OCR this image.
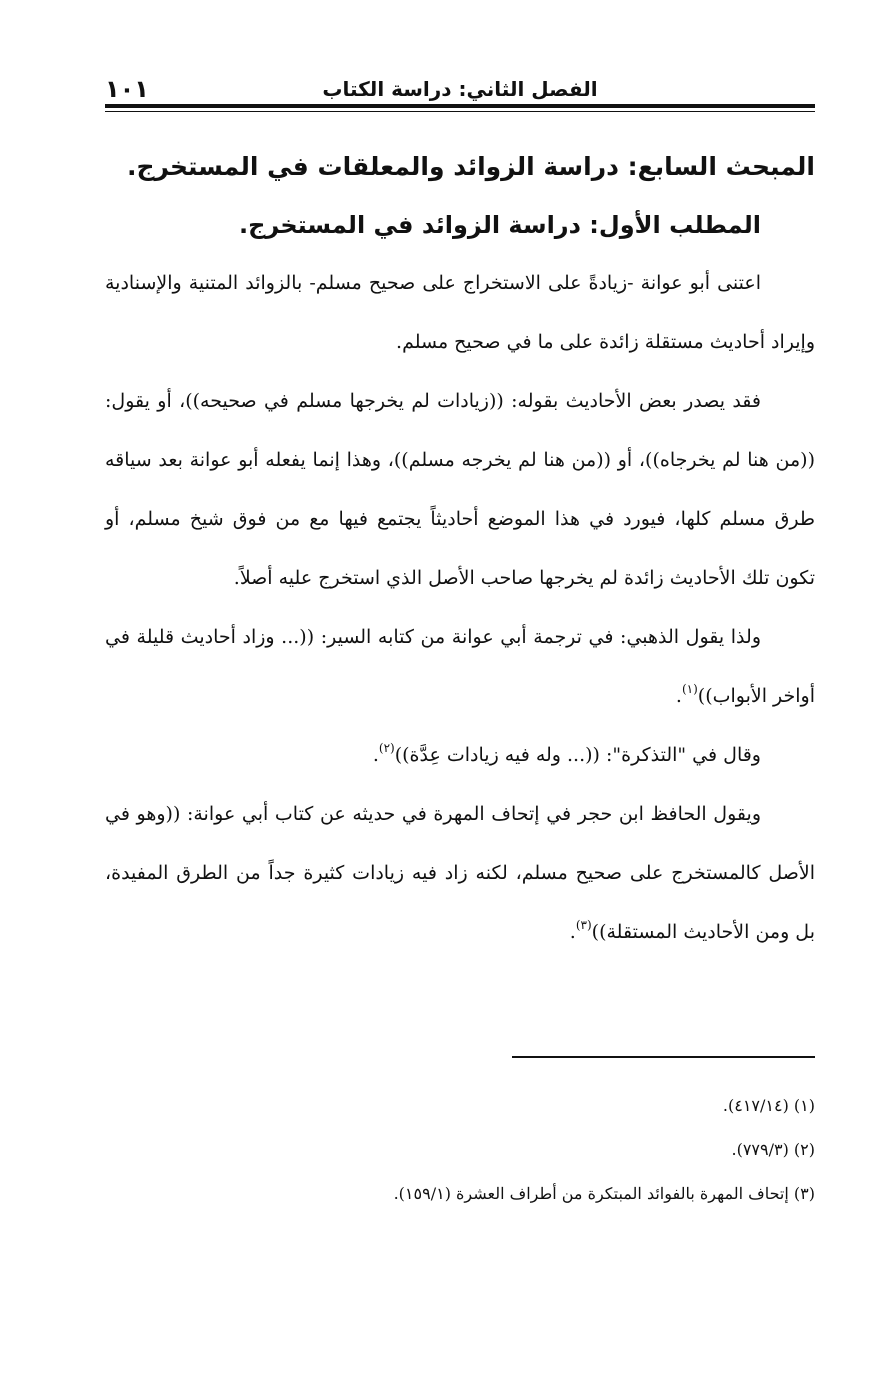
١٠١	الفصل الثاني: دراسة الكتاب
المبحث السابع: دراسة الزوائد والمعلقات في المستخرج.
المطلب الأول: دراسة الزوائد في المستخرج.

اعتنى أبو عوانة -زيادةً على الاستخراج على صحيح مسلم- بالزوائد المتنية والإسنادية وإيراد أحاديث مستقلة زائدة على ما في صحيح مسلم.

فقد يصدر بعض الأحاديث بقوله: ((زيادات لم يخرجها مسلم في صحيحه))، أو يقول: ((من هنا لم يخرجاه))، أو ((من هنا لم يخرجه مسلم))، وهذا إنما يفعله أبو عوانة بعد سياقه طرق مسلم كلها، فيورد في هذا الموضع أحاديثاً يجتمع فيها مع من فوق شيخ مسلم، أو تكون تلك الأحاديث زائدة لم يخرجها صاحب الأصل الذي استخرج عليه أصلاً.

ولذا يقول الذهبي: في ترجمة أبي عوانة من كتابه السير: ((... وزاد أحاديث قليلة في أواخر الأبواب))$^{(١)}$.

وقال في "التذكرة": ((... وله فيه زيادات عِدَّة))$^{(٢)}$.

ويقول الحافظ ابن حجر في إتحاف المهرة في حديثه عن كتاب أبي عوانة: ((وهو في الأصل كالمستخرج على صحيح مسلم، لكنه زاد فيه زيادات كثيرة جداً من الطرق المفيدة، بل ومن الأحاديث المستقلة))$^{(٣)}$.

(١) (٤١٧/١٤).
(٢) (٧٧٩/٣).
(٣) إتحاف المهرة بالفوائد المبتكرة من أطراف العشرة (١٥٩/١).
